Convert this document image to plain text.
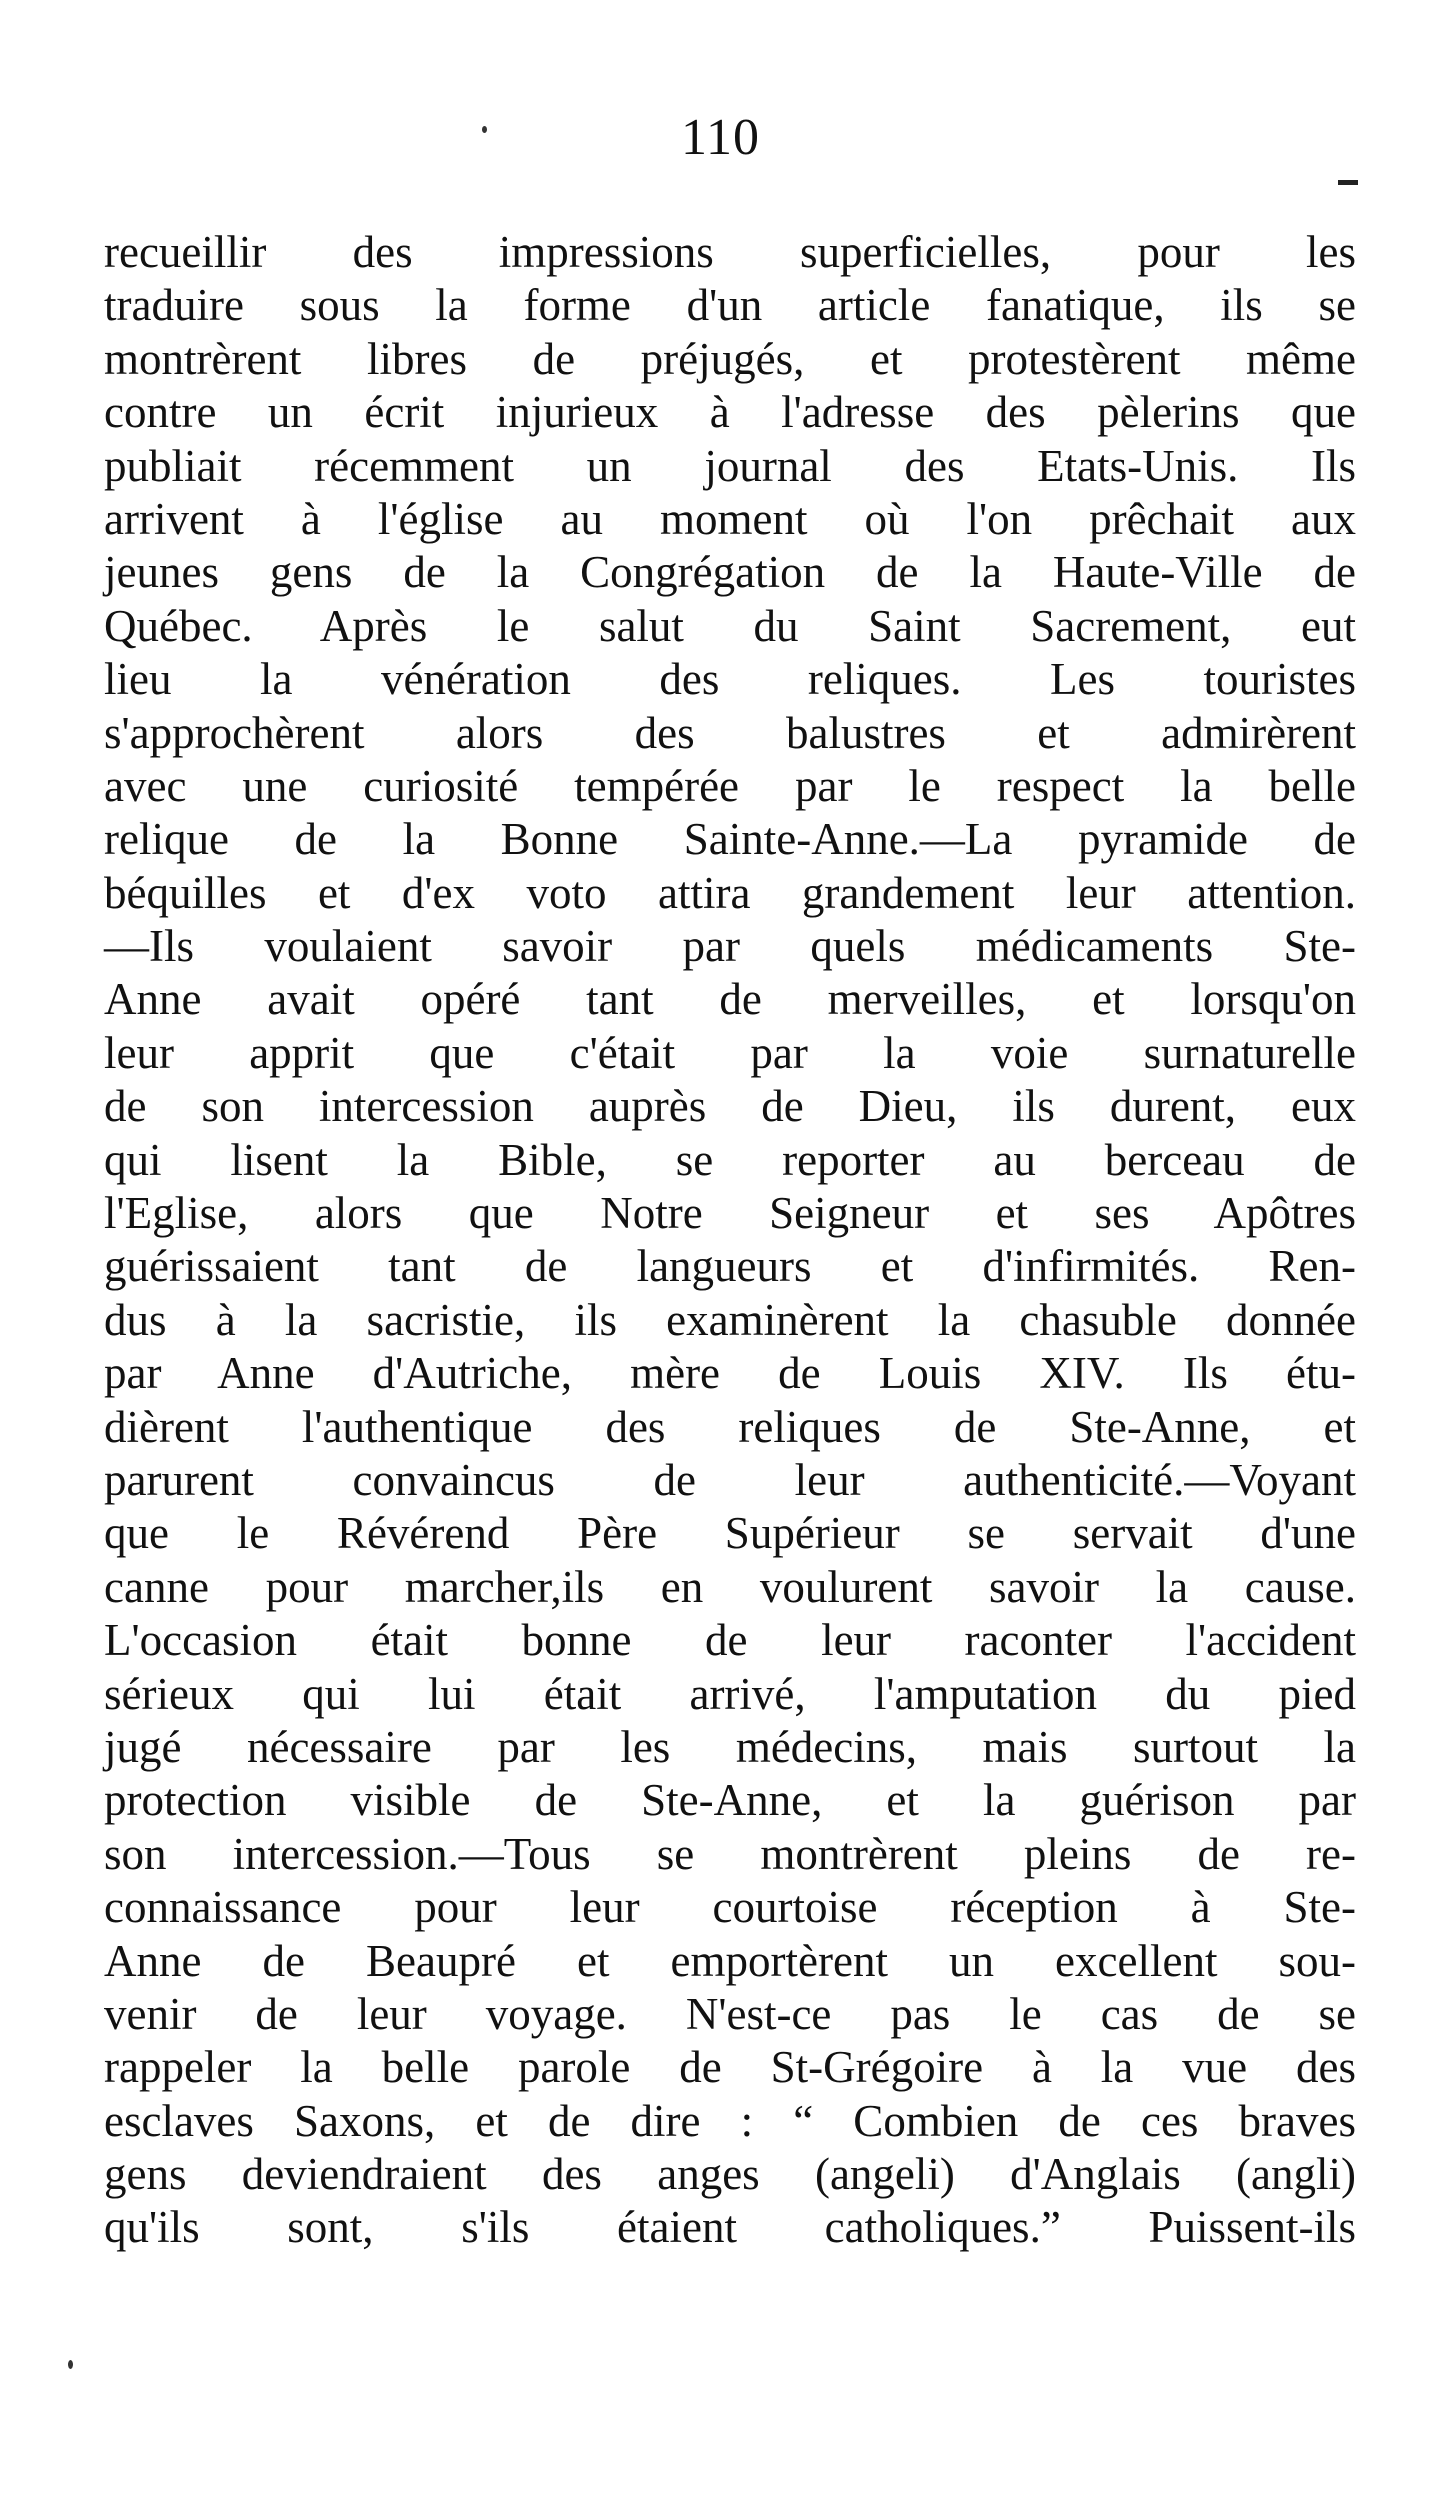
110
recueillir des impressions superficielles, pour les
traduire sous la forme d'un article fanatique, ils se
montrèrent libres de préjugés, et protestèrent même
contre un écrit injurieux à l'adresse des pèlerins que
publiait récemment un journal des Etats-Unis. Ils
arrivent à l'église au moment où l'on prêchait aux
jeunes gens de la Congrégation de la Haute-Ville de
Québec. Après le salut du Saint Sacrement, eut
lieu la vénération des reliques. Les touristes
s'approchèrent alors des balustres et admirèrent
avec une curiosité tempérée par le respect la belle
relique de la Bonne Sainte-Anne.—La pyramide de
béquilles et d'ex voto attira grandement leur attention.
—Ils voulaient savoir par quels médicaments Ste-
Anne avait opéré tant de merveilles, et lorsqu'on
leur apprit que c'était par la voie surnaturelle
de son intercession auprès de Dieu, ils durent, eux
qui lisent la Bible, se reporter au berceau de
l'Eglise, alors que Notre Seigneur et ses Apôtres
guérissaient tant de langueurs et d'infirmités. Ren-
dus à la sacristie, ils examinèrent la chasuble donnée
par Anne d'Autriche, mère de Louis XIV. Ils étu-
dièrent l'authentique des reliques de Ste-Anne, et
parurent convaincus de leur authenticité.—Voyant
que le Révérend Père Supérieur se servait d'une
canne pour marcher,ils en voulurent savoir la cause.
L'occasion était bonne de leur raconter l'accident
sérieux qui lui était arrivé, l'amputation du pied
jugé nécessaire par les médecins, mais surtout la
protection visible de Ste-Anne, et la guérison par
son intercession.—Tous se montrèrent pleins de re-
connaissance pour leur courtoise réception à Ste-
Anne de Beaupré et emportèrent un excellent sou-
venir de leur voyage. N'est-ce pas le cas de se
rappeler la belle parole de St-Grégoire à la vue des
esclaves Saxons, et de dire : “ Combien de ces braves
gens deviendraient des anges (angeli) d'Anglais (angli)
qu'ils sont, s'ils étaient catholiques.” Puissent-ils
